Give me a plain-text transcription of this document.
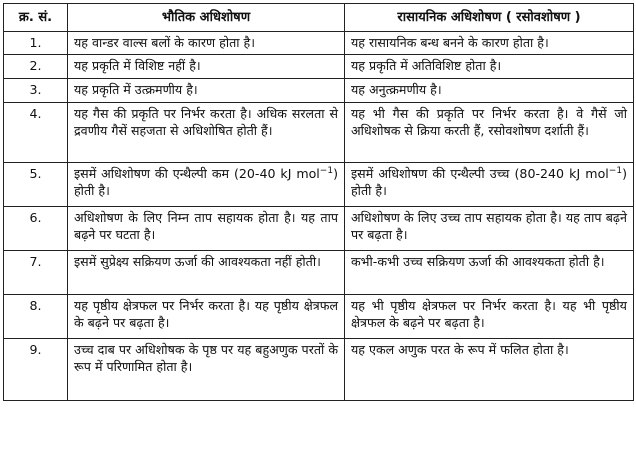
क्र. सं.	भौतिक अधिशोषण	रासायनिक अधिशोषण ( रसोवशोषण )
1.	यह वान्डर वाल्स बलों के कारण होता है।	यह रासायनिक बन्ध बनने के कारण होता है।
2.	यह प्रकृति में विशिष्ट नहीं है।	यह प्रकृति में अतिविशिष्ट होता है।
3.	यह प्रकृति में उत्क्रमणीय है।	यह अनुत्क्रमणीय है।
4.	यह गैस की प्रकृति पर निर्भर करता है। अधिक सरलता से द्रवणीय गैसें सहजता से अधिशोषित होती हैं।	यह भी गैस की प्रकृति पर निर्भर करता है। वे गैसें जो अधिशोषक से क्रिया करती हैं, रसोवशोषण दर्शाती हैं।
5.	इसमें अधिशोषण की एन्थैल्पी कम (20-40 kJ mol$^{-1}$) होती है।	इसमें अधिशोषण की एन्थैल्पी उच्च (80-240 kJ mol$^{-1}$) होती है।
6.	अधिशोषण के लिए निम्न ताप सहायक होता है। यह ताप बढ़ने पर घटता है।	अधिशोषण के लिए उच्च ताप सहायक होता है। यह ताप बढ़ने पर बढ़ता है।
7.	इसमें सुप्रेक्ष्य सक्रियण ऊर्जा की आवश्यकता नहीं होती।	कभी-कभी उच्च सक्रियण ऊर्जा की आवश्यकता होती है।
8.	यह पृष्ठीय क्षेत्रफल पर निर्भर करता है। यह पृष्ठीय क्षेत्रफल के बढ़ने पर बढ़ता है।	यह भी पृष्ठीय क्षेत्रफल पर निर्भर करता है। यह भी पृष्ठीय क्षेत्रफल के बढ़ने पर बढ़ता है।
9.	उच्च दाब पर अधिशोषक के पृष्ठ पर यह बहुअणुक परतों के रूप में परिणामित होता है।	यह एकल अणुक परत के रूप में फलित होता है।
